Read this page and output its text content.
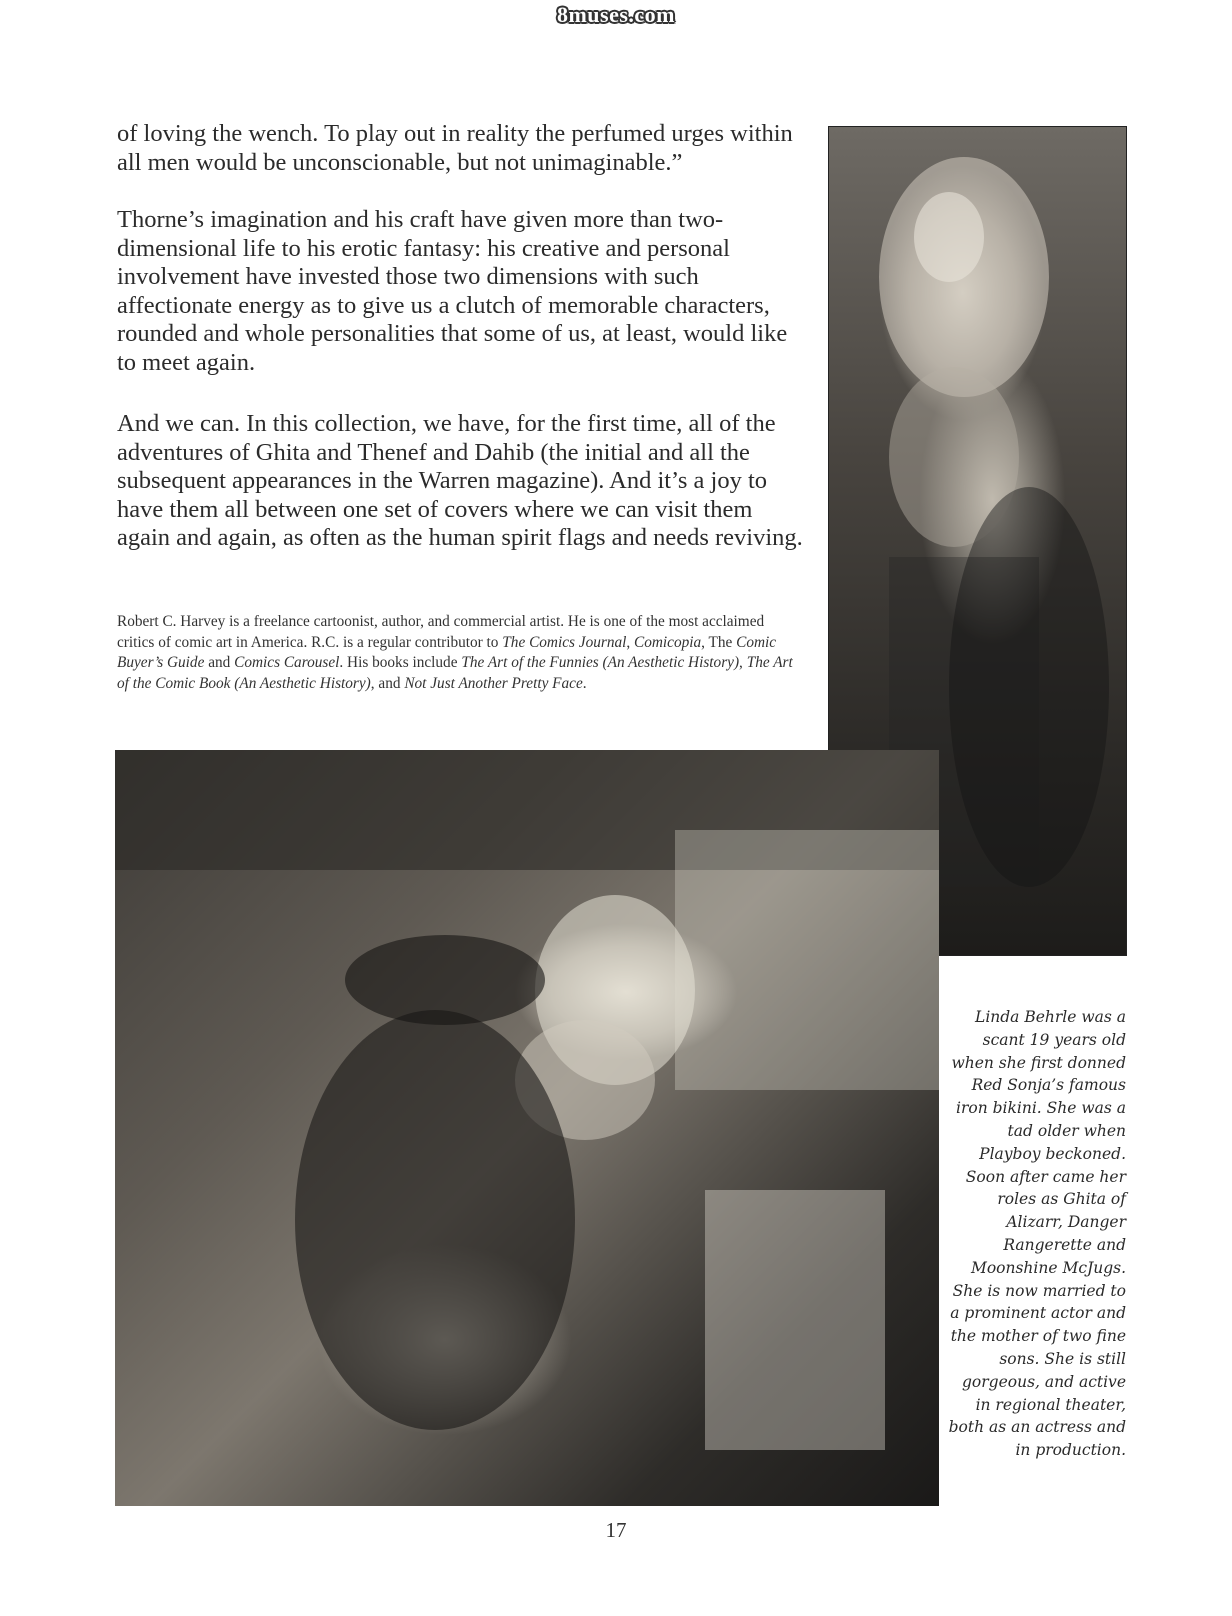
8muses.com
of loving the wench. To play out in reality the perfumed urges within all men would be unconscionable, but not unimaginable.”
Thorne’s imagination and his craft have given more than two-dimensional life to his erotic fantasy: his creative and personal involvement have invested those two dimensions with such affectionate energy as to give us a clutch of memorable characters, rounded and whole personalities that some of us, at least, would like to meet again.
And we can. In this collection, we have, for the first time, all of the adventures of Ghita and Thenef and Dahib (the initial and all the subsequent appearances in the Warren magazine). And it’s a joy to have them all between one set of covers where we can visit them again and again, as often as the human spirit flags and needs reviving.
Robert C. Harvey is a freelance cartoonist, author, and commercial artist. He is one of the most acclaimed critics of comic art in America. R.C. is a regular contributor to The Comics Journal, Comicopia, The Comic Buyer’s Guide and Comics Carousel. His books include The Art of the Funnies (An Aesthetic History), The Art of the Comic Book (An Aesthetic History), and Not Just Another Pretty Face.
Linda Behrle was a scant 19 years old when she first donned Red Sonja’s famous iron bikini. She was a tad older when Playboy beckoned. Soon after came her roles as Ghita of Alizarr, Danger Rangerette and Moonshine McJugs. She is now married to a prominent actor and the mother of two fine sons. She is still gorgeous, and active in regional theater, both as an actress and in production.
17
